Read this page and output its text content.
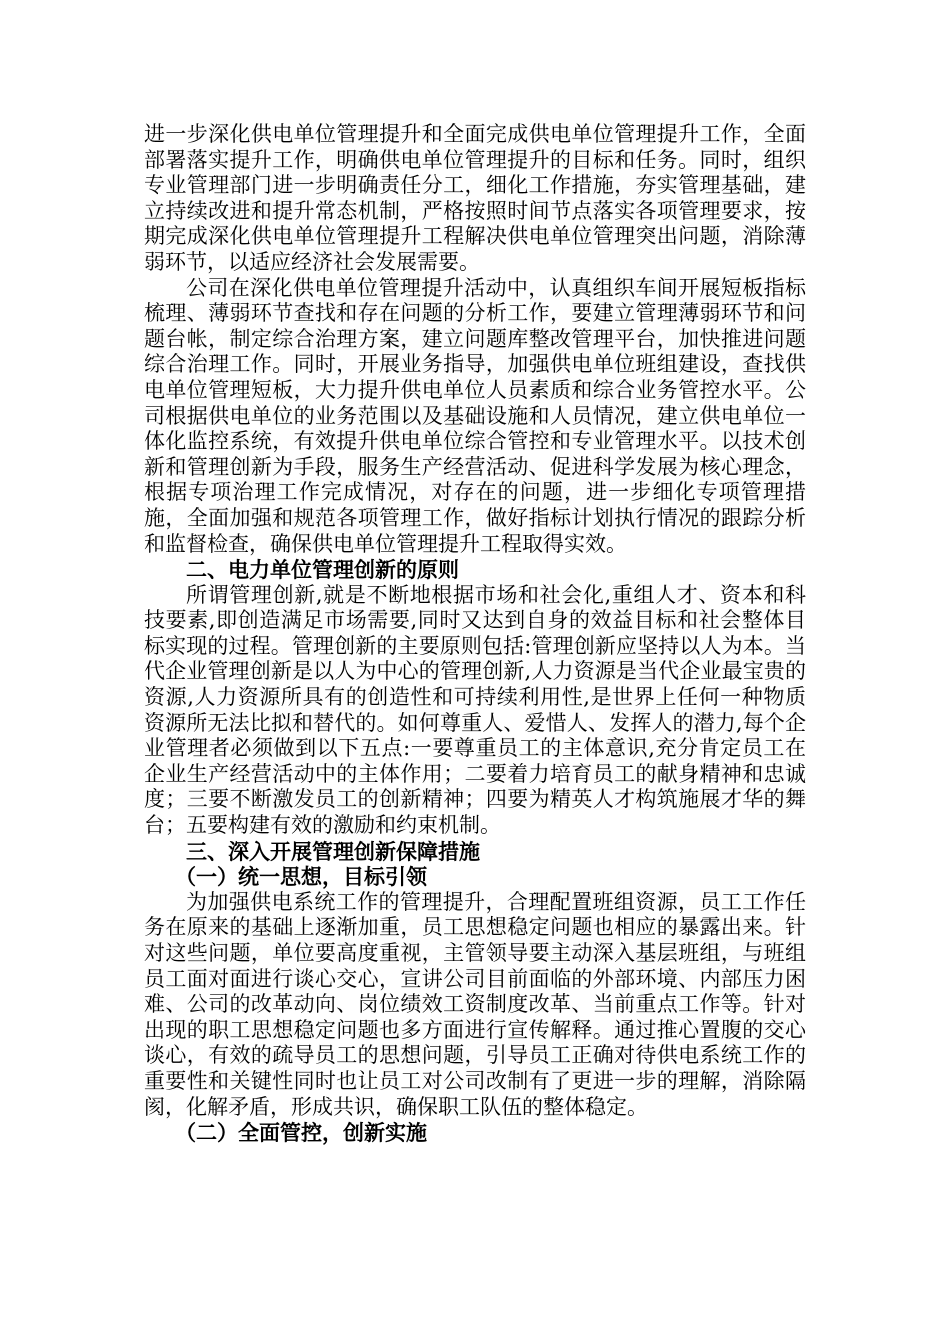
进一步深化供电单位管理提升和全面完成供电单位管理提升工作，全面部署落实提升工作，明确供电单位管理提升的目标和任务。同时，组织专业管理部门进一步明确责任分工，细化工作措施，夯实管理基础，建立持续改进和提升常态机制，严格按照时间节点落实各项管理要求，按期完成深化供电单位管理提升工程解决供电单位管理突出问题，消除薄弱环节，以适应经济社会发展需要。

公司在深化供电单位管理提升活动中，认真组织车间开展短板指标梳理、薄弱环节查找和存在问题的分析工作，要建立管理薄弱环节和问题台帐，制定综合治理方案，建立问题库整改管理平台，加快推进问题综合治理工作。同时，开展业务指导，加强供电单位班组建设，查找供电单位管理短板，大力提升供电单位人员素质和综合业务管控水平。公司根据供电单位的业务范围以及基础设施和人员情况，建立供电单位一体化监控系统，有效提升供电单位综合管控和专业管理水平。以技术创新和管理创新为手段，服务生产经营活动、促进科学发展为核心理念，根据专项治理工作完成情况，对存在的问题，进一步细化专项管理措施，全面加强和规范各项管理工作，做好指标计划执行情况的跟踪分析和监督检查，确保供电单位管理提升工程取得实效。

二、电力单位管理创新的原则

所谓管理创新,就是不断地根据市场和社会化,重组人才、资本和科技要素,即创造满足市场需要,同时又达到自身的效益目标和社会整体目标实现的过程。管理创新的主要原则包括:管理创新应坚持以人为本。当代企业管理创新是以人为中心的管理创新,人力资源是当代企业最宝贵的资源,人力资源所具有的创造性和可持续利用性,是世界上任何一种物质资源所无法比拟和替代的。如何尊重人、爱惜人、发挥人的潜力,每个企业管理者必须做到以下五点:一要尊重员工的主体意识,充分肯定员工在企业生产经营活动中的主体作用；二要着力培育员工的献身精神和忠诚度；三要不断激发员工的创新精神；四要为精英人才构筑施展才华的舞台；五要构建有效的激励和约束机制。

三、深入开展管理创新保障措施

（一）统一思想，目标引领

为加强供电系统工作的管理提升，合理配置班组资源，员工工作任务在原来的基础上逐渐加重，员工思想稳定问题也相应的暴露出来。针对这些问题，单位要高度重视，主管领导要主动深入基层班组，与班组员工面对面进行谈心交心，宣讲公司目前面临的外部环境、内部压力困难、公司的改革动向、岗位绩效工资制度改革、当前重点工作等。针对出现的职工思想稳定问题也多方面进行宣传解释。通过推心置腹的交心谈心，有效的疏导员工的思想问题，引导员工正确对待供电系统工作的重要性和关键性同时也让员工对公司改制有了更进一步的理解，消除隔阂，化解矛盾，形成共识，确保职工队伍的整体稳定。

（二）全面管控，创新实施
